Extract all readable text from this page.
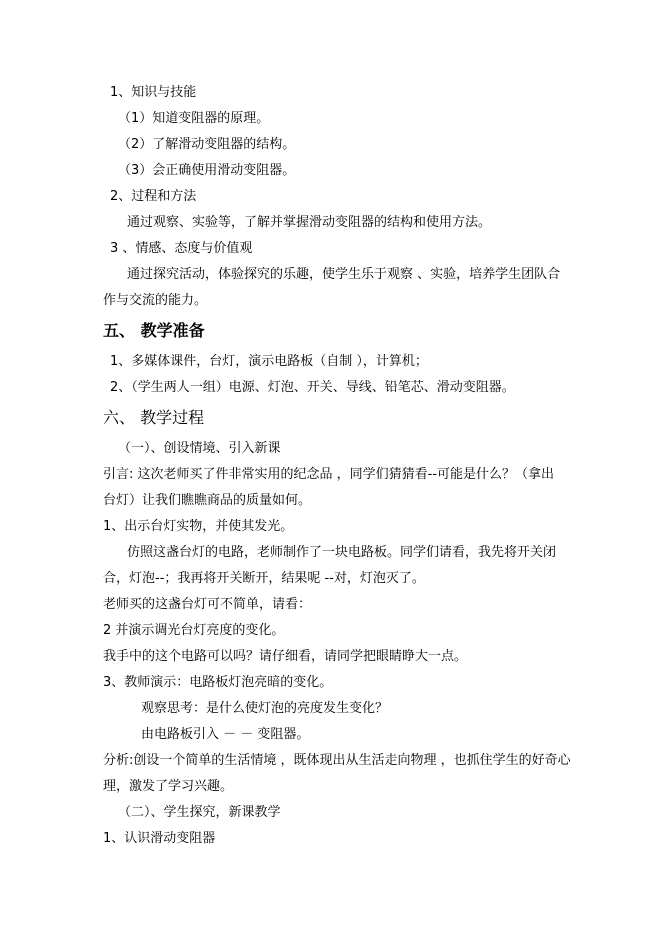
1、知识与技能
（1）知道变阻器的原理。
（2）了解滑动变阻器的结构。
（3）会正确使用滑动变阻器。
2、过程和方法
通过观察、实验等，了解并掌握滑动变阻器的结构和使用方法。
3 、情感、态度与价值观
通过探究活动，体验探究的乐趣，使学生乐于观察 、实验，培养学生团队合
作与交流的能力。
五、 教学准备
1、多媒体课件，台灯，演示电路板（自制 ），计算机；
2、（学生两人一组）电源、灯泡、开关、导线、铅笔芯、滑动变阻器。
六、 教学过程
（一）、创设情境、引入新课
引言: 这次老师买了件非常实用的纪念品 ，同学们猜猜看--可能是什么？（拿出
台灯）让我们瞧瞧商品的质量如何。
1、出示台灯实物，并使其发光。
仿照这盏台灯的电路，老师制作了一块电路板。同学们请看，我先将开关闭
合，灯泡--；我再将开关断开，结果呢 --对，灯泡灭了。
老师买的这盏台灯可不简单，请看：
2 并演示调光台灯亮度的变化。
我手中的这个电路可以吗？请仔细看，请同学把眼睛睁大一点。
3、教师演示：电路板灯泡亮暗的变化。
观察思考：是什么使灯泡的亮度发生变化？
由电路板引入 － － 变阻器。
分析:创设一个简单的生活情境 ，既体现出从生活走向物理 ，也抓住学生的好奇心
理，激发了学习兴趣。
（二）、学生探究，新课教学
1、认识滑动变阻器
